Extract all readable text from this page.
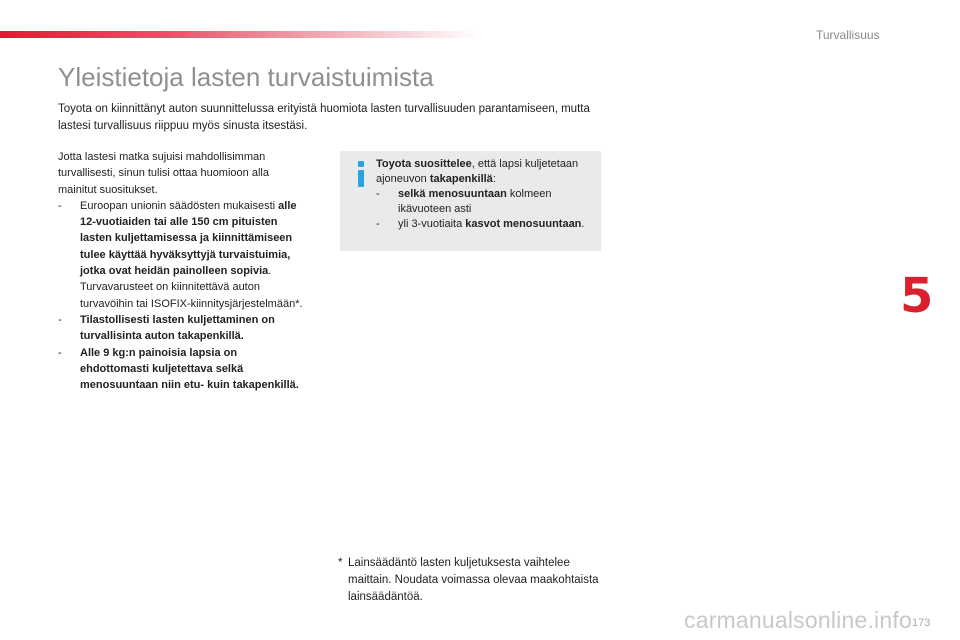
Turvallisuus
Yleistietoja lasten turvaistuimista
Toyota on kiinnittänyt auton suunnittelussa erityistä huomiota lasten turvallisuuden parantamiseen, mutta lastesi turvallisuus riippuu myös sinusta itsestäsi.

Jotta lastesi matka sujuisi mahdollisimman turvallisesti, sinun tulisi ottaa huomioon alla mainitut suositukset.

-	Euroopan unionin säädösten mukaisesti alle 12-vuotiaiden tai alle 150 cm pituisten lasten kuljettamisessa ja kiinnittämiseen tulee käyttää hyväksyttyjä turvaistuimia, jotka ovat heidän painolleen sopivia. Turvavarusteet on kiinnitettävä auton turvavöihin tai ISOFIX-kiinnitysjärjestelmään*.
-	Tilastollisesti lasten kuljettaminen on turvallisinta auton takapenkillä.
-	Alle 9 kg:n painoisia lapsia on ehdottomasti kuljetettava selkä menosuuntaan niin etu- kuin takapenkillä.

Toyota suosittelee, että lapsi kuljetetaan ajoneuvon takapenkillä:

-	selkä menosuuntaan kolmeen ikävuoteen asti
-	yli 3-vuotiaita kasvot menosuuntaan.
5
* Lainsäädäntö lasten kuljetuksesta vaihtelee maittain. Noudata voimassa olevaa maakohtaista lainsäädäntöä.
carmanualsonline.info 173
